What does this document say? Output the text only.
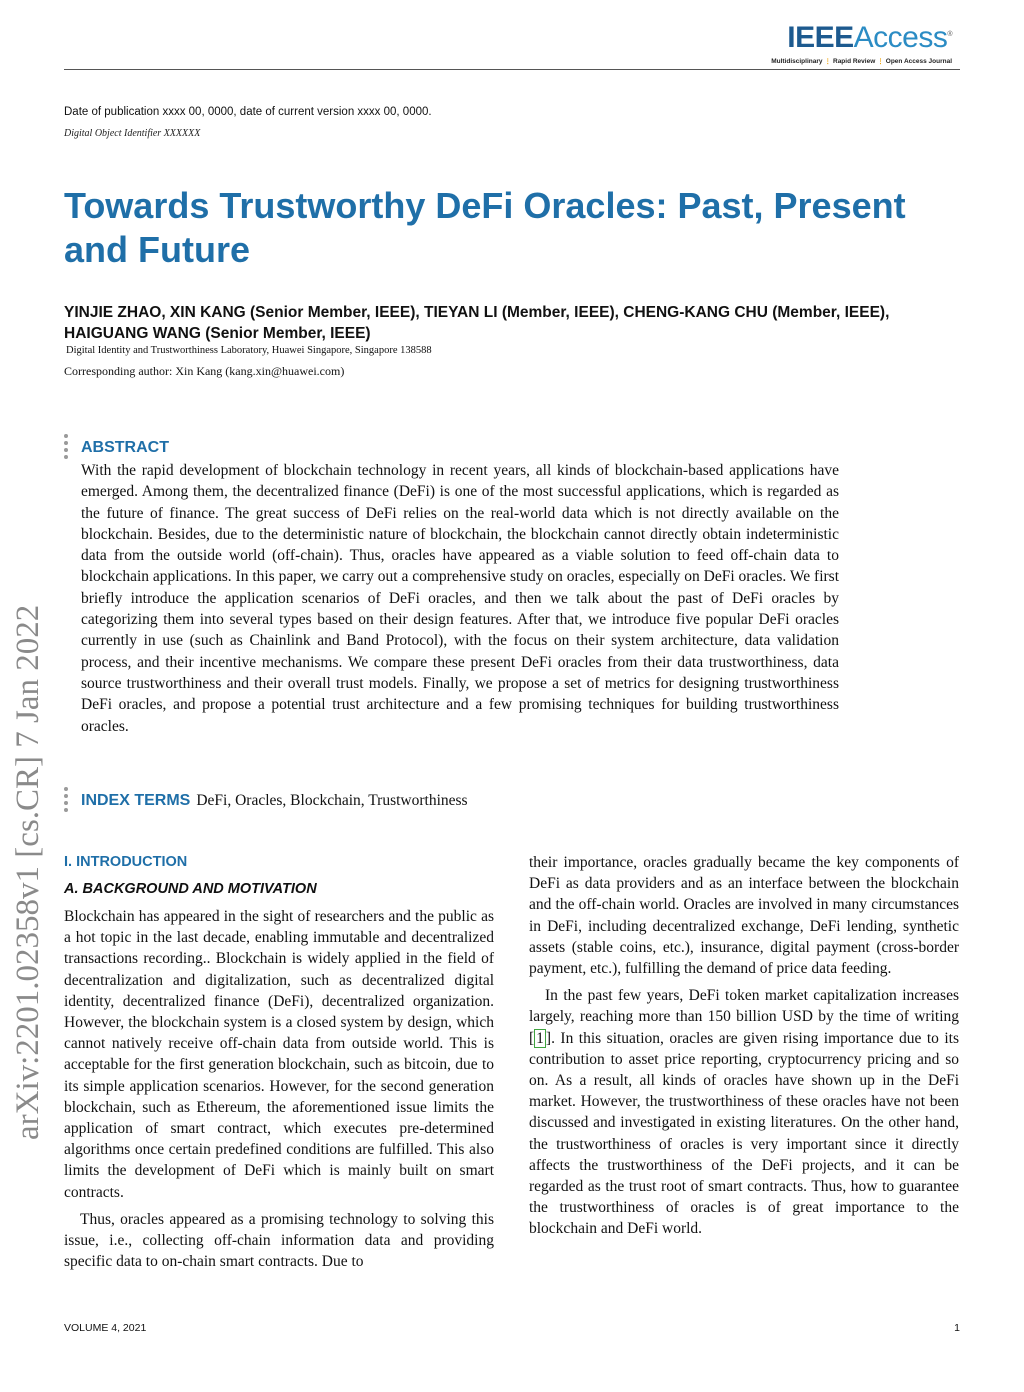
IEEEAccess®
Multidisciplinary ⋮ Rapid Review ⋮ Open Access Journal
Date of publication xxxx 00, 0000, date of current version xxxx 00, 0000.
Digital Object Identifier XXXXXX
Towards Trustworthy DeFi Oracles: Past, Present and Future
YINJIE ZHAO, XIN KANG (Senior Member, IEEE), TIEYAN LI (Member, IEEE), CHENG-KANG CHU (Member, IEEE), HAIGUANG WANG (Senior Member, IEEE)
Digital Identity and Trustworthiness Laboratory, Huawei Singapore, Singapore 138588
Corresponding author: Xin Kang (kang.xin@huawei.com)
arXiv:2201.02358v1 [cs.CR] 7 Jan 2022
ABSTRACT

With the rapid development of blockchain technology in recent years, all kinds of blockchain-based applications have emerged. Among them, the decentralized finance (DeFi) is one of the most successful applications, which is regarded as the future of finance. The great success of DeFi relies on the real-world data which is not directly available on the blockchain. Besides, due to the deterministic nature of blockchain, the blockchain cannot directly obtain indeterministic data from the outside world (off-chain). Thus, oracles have appeared as a viable solution to feed off-chain data to blockchain applications. In this paper, we carry out a comprehensive study on oracles, especially on DeFi oracles. We first briefly introduce the application scenarios of DeFi oracles, and then we talk about the past of DeFi oracles by categorizing them into several types based on their design features. After that, we introduce five popular DeFi oracles currently in use (such as Chainlink and Band Protocol), with the focus on their system architecture, data validation process, and their incentive mechanisms. We compare these present DeFi oracles from their data trustworthiness, data source trustworthiness and their overall trust models. Finally, we propose a set of metrics for designing trustworthiness DeFi oracles, and propose a potential trust architecture and a few promising techniques for building trustworthiness oracles.

INDEX TERMS DeFi, Oracles, Blockchain, Trustworthiness
I. INTRODUCTION
A. BACKGROUND AND MOTIVATION

Blockchain has appeared in the sight of researchers and the public as a hot topic in the last decade, enabling immutable and decentralized transactions recording.. Blockchain is widely applied in the field of decentralization and digitalization, such as decentralized digital identity, decentralized finance (DeFi), decentralized organization. However, the blockchain system is a closed system by design, which cannot natively receive off-chain data from outside world. This is acceptable for the first generation blockchain, such as bitcoin, due to its simple application scenarios. However, for the second generation blockchain, such as Ethereum, the aforementioned issue limits the application of smart contract, which executes pre-determined algorithms once certain predefined conditions are fulfilled. This also limits the development of DeFi which is mainly built on smart contracts.

Thus, oracles appeared as a promising technology to solving this issue, i.e., collecting off-chain information data and providing specific data to on-chain smart contracts. Due to

their importance, oracles gradually became the key components of DeFi as data providers and as an interface between the blockchain and the off-chain world. Oracles are involved in many circumstances in DeFi, including decentralized exchange, DeFi lending, synthetic assets (stable coins, etc.), insurance, digital payment (cross-border payment, etc.), fulfilling the demand of price data feeding.

In the past few years, DeFi token market capitalization increases largely, reaching more than 150 billion USD by the time of writing [ 1 ]. In this situation, oracles are given rising importance due to its contribution to asset price reporting, cryptocurrency pricing and so on. As a result, all kinds of oracles have shown up in the DeFi market. However, the trustworthiness of these oracles have not been discussed and investigated in existing literatures. On the other hand, the trustworthiness of oracles is very important since it directly affects the trustworthiness of the DeFi projects, and it can be regarded as the trust root of smart contracts. Thus, how to guarantee the trustworthiness of oracles is of great importance to the blockchain and DeFi world.

VOLUME 4, 2021	1
